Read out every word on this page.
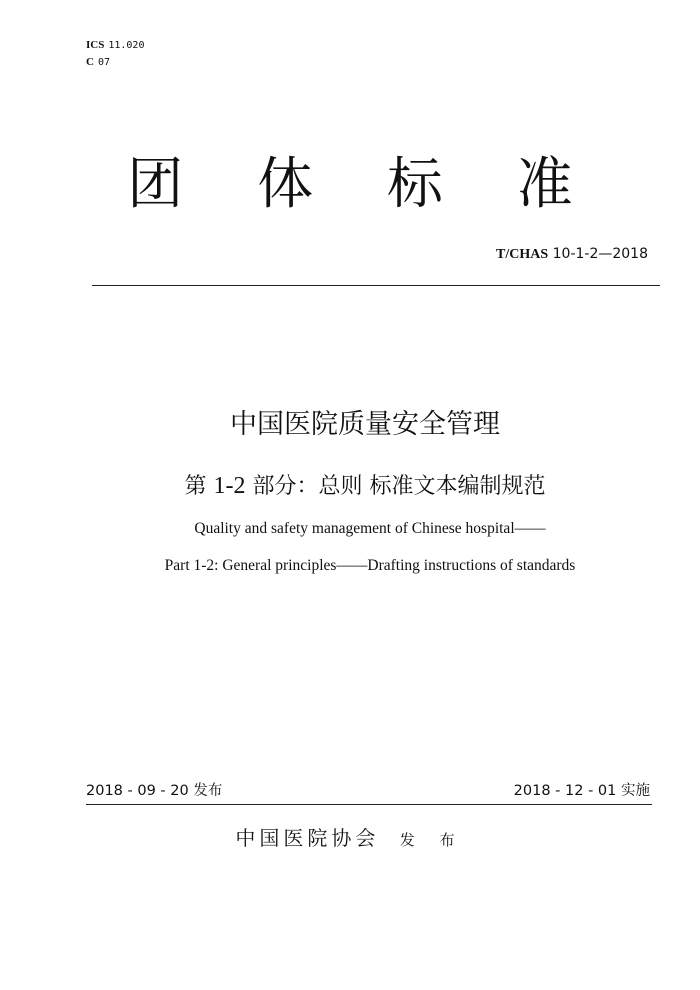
ICS 11.020
C 07
团 体 标 准
T/CHAS 10-1-2—2018
中国医院质量安全管理
第 1-2 部分：总则 标准文本编制规范
Quality and safety management of Chinese hospital——
Part 1-2: General principles——Drafting instructions of standards
2018 - 09 - 20 发布	2018 - 12 - 01 实施
中国医院协会 发 布
